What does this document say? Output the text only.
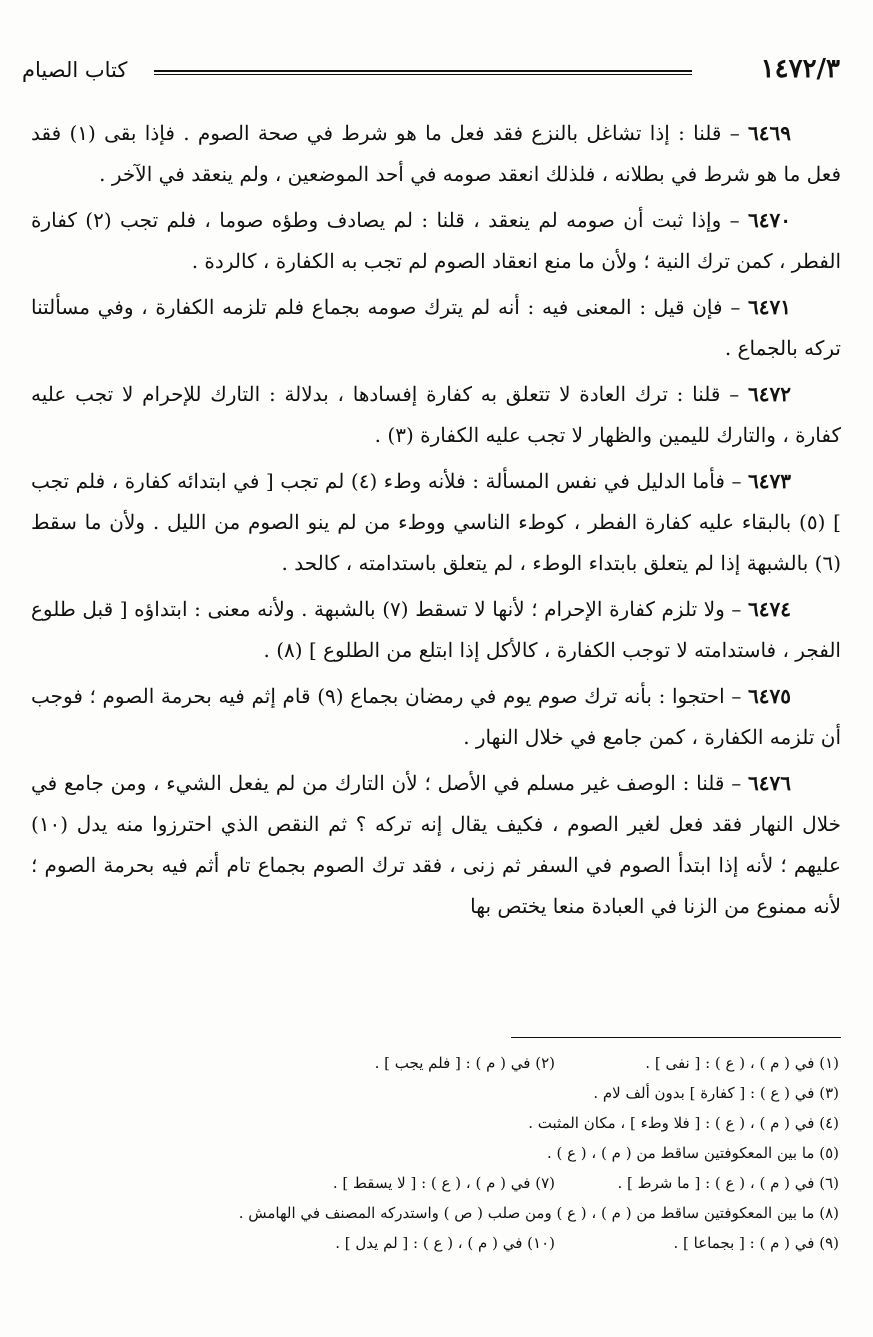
١٤٧٢/٣
كتاب الصيام

٦٤٦٩ – قلنا : إذا تشاغل بالنزع فقد فعل ما هو شرط في صحة الصوم . فإذا بقى (١) فقد فعل ما هو شرط في بطلانه ، فلذلك انعقد صومه في أحد الموضعين ، ولم ينعقد في الآخر .

٦٤٧٠ – وإذا ثبت أن صومه لم ينعقد ، قلنا : لم يصادف وطؤه صوما ، فلم تجب (٢) كفارة الفطر ، كمن ترك النية ؛ ولأن ما منع انعقاد الصوم لم تجب به الكفارة ، كالردة .

٦٤٧١ – فإن قيل : المعنى فيه : أنه لم يترك صومه بجماع فلم تلزمه الكفارة ، وفي مسألتنا تركه بالجماع .

٦٤٧٢ – قلنا : ترك العادة لا تتعلق به كفارة إفسادها ، بدلالة : التارك للإحرام لا تجب عليه كفارة ، والتارك لليمين والظهار لا تجب عليه الكفارة (٣) .

٦٤٧٣ – فأما الدليل في نفس المسألة : فلأنه وطء (٤) لم تجب [ في ابتدائه كفارة ، فلم تجب ] (٥) بالبقاء عليه كفارة الفطر ، كوطء الناسي ووطء من لم ينو الصوم من الليل . ولأن ما سقط (٦) بالشبهة إذا لم يتعلق بابتداء الوطء ، لم يتعلق باستدامته ، كالحد .

٦٤٧٤ – ولا تلزم كفارة الإحرام ؛ لأنها لا تسقط (٧) بالشبهة . ولأنه معنى : ابتداؤه [ قبل طلوع الفجر ، فاستدامته لا توجب الكفارة ، كالأكل إذا ابتلع من الطلوع ] (٨) .

٦٤٧٥ – احتجوا : بأنه ترك صوم يوم في رمضان بجماع (٩) قام إثم فيه بحرمة الصوم ؛ فوجب أن تلزمه الكفارة ، كمن جامع في خلال النهار .

٦٤٧٦ – قلنا : الوصف غير مسلم في الأصل ؛ لأن التارك من لم يفعل الشيء ، ومن جامع في خلال النهار فقد فعل لغير الصوم ، فكيف يقال إنه تركه ؟ ثم النقص الذي احترزوا منه يدل (١٠) عليهم ؛ لأنه إذا ابتدأ الصوم في السفر ثم زنى ، فقد ترك الصوم بجماع تام أثم فيه بحرمة الصوم ؛ لأنه ممنوع من الزنا في العبادة منعا يختص بها

(١) في ( م ) ، ( ع ) : [ نفى ] .
(٢) في ( م ) : [ فلم يجب ] .
(٣) في ( ع ) : [ كفارة ] بدون ألف لام .
(٤) في ( م ) ، ( ع ) : [ فلا وطء ] ، مكان المثبت .
(٥) ما بين المعكوفتين ساقط من ( م ) ، ( ع ) .
(٦) في ( م ) ، ( ع ) : [ ما شرط ] .
(٧) في ( م ) ، ( ع ) : [ لا يسقط ] .
(٨) ما بين المعكوفتين ساقط من ( م ) ، ( ع ) ومن صلب ( ص ) واستدركه المصنف في الهامش .
(٩) في ( م ) : [ بجماعا ] .
(١٠) في ( م ) ، ( ع ) : [ لم يدل ] .
